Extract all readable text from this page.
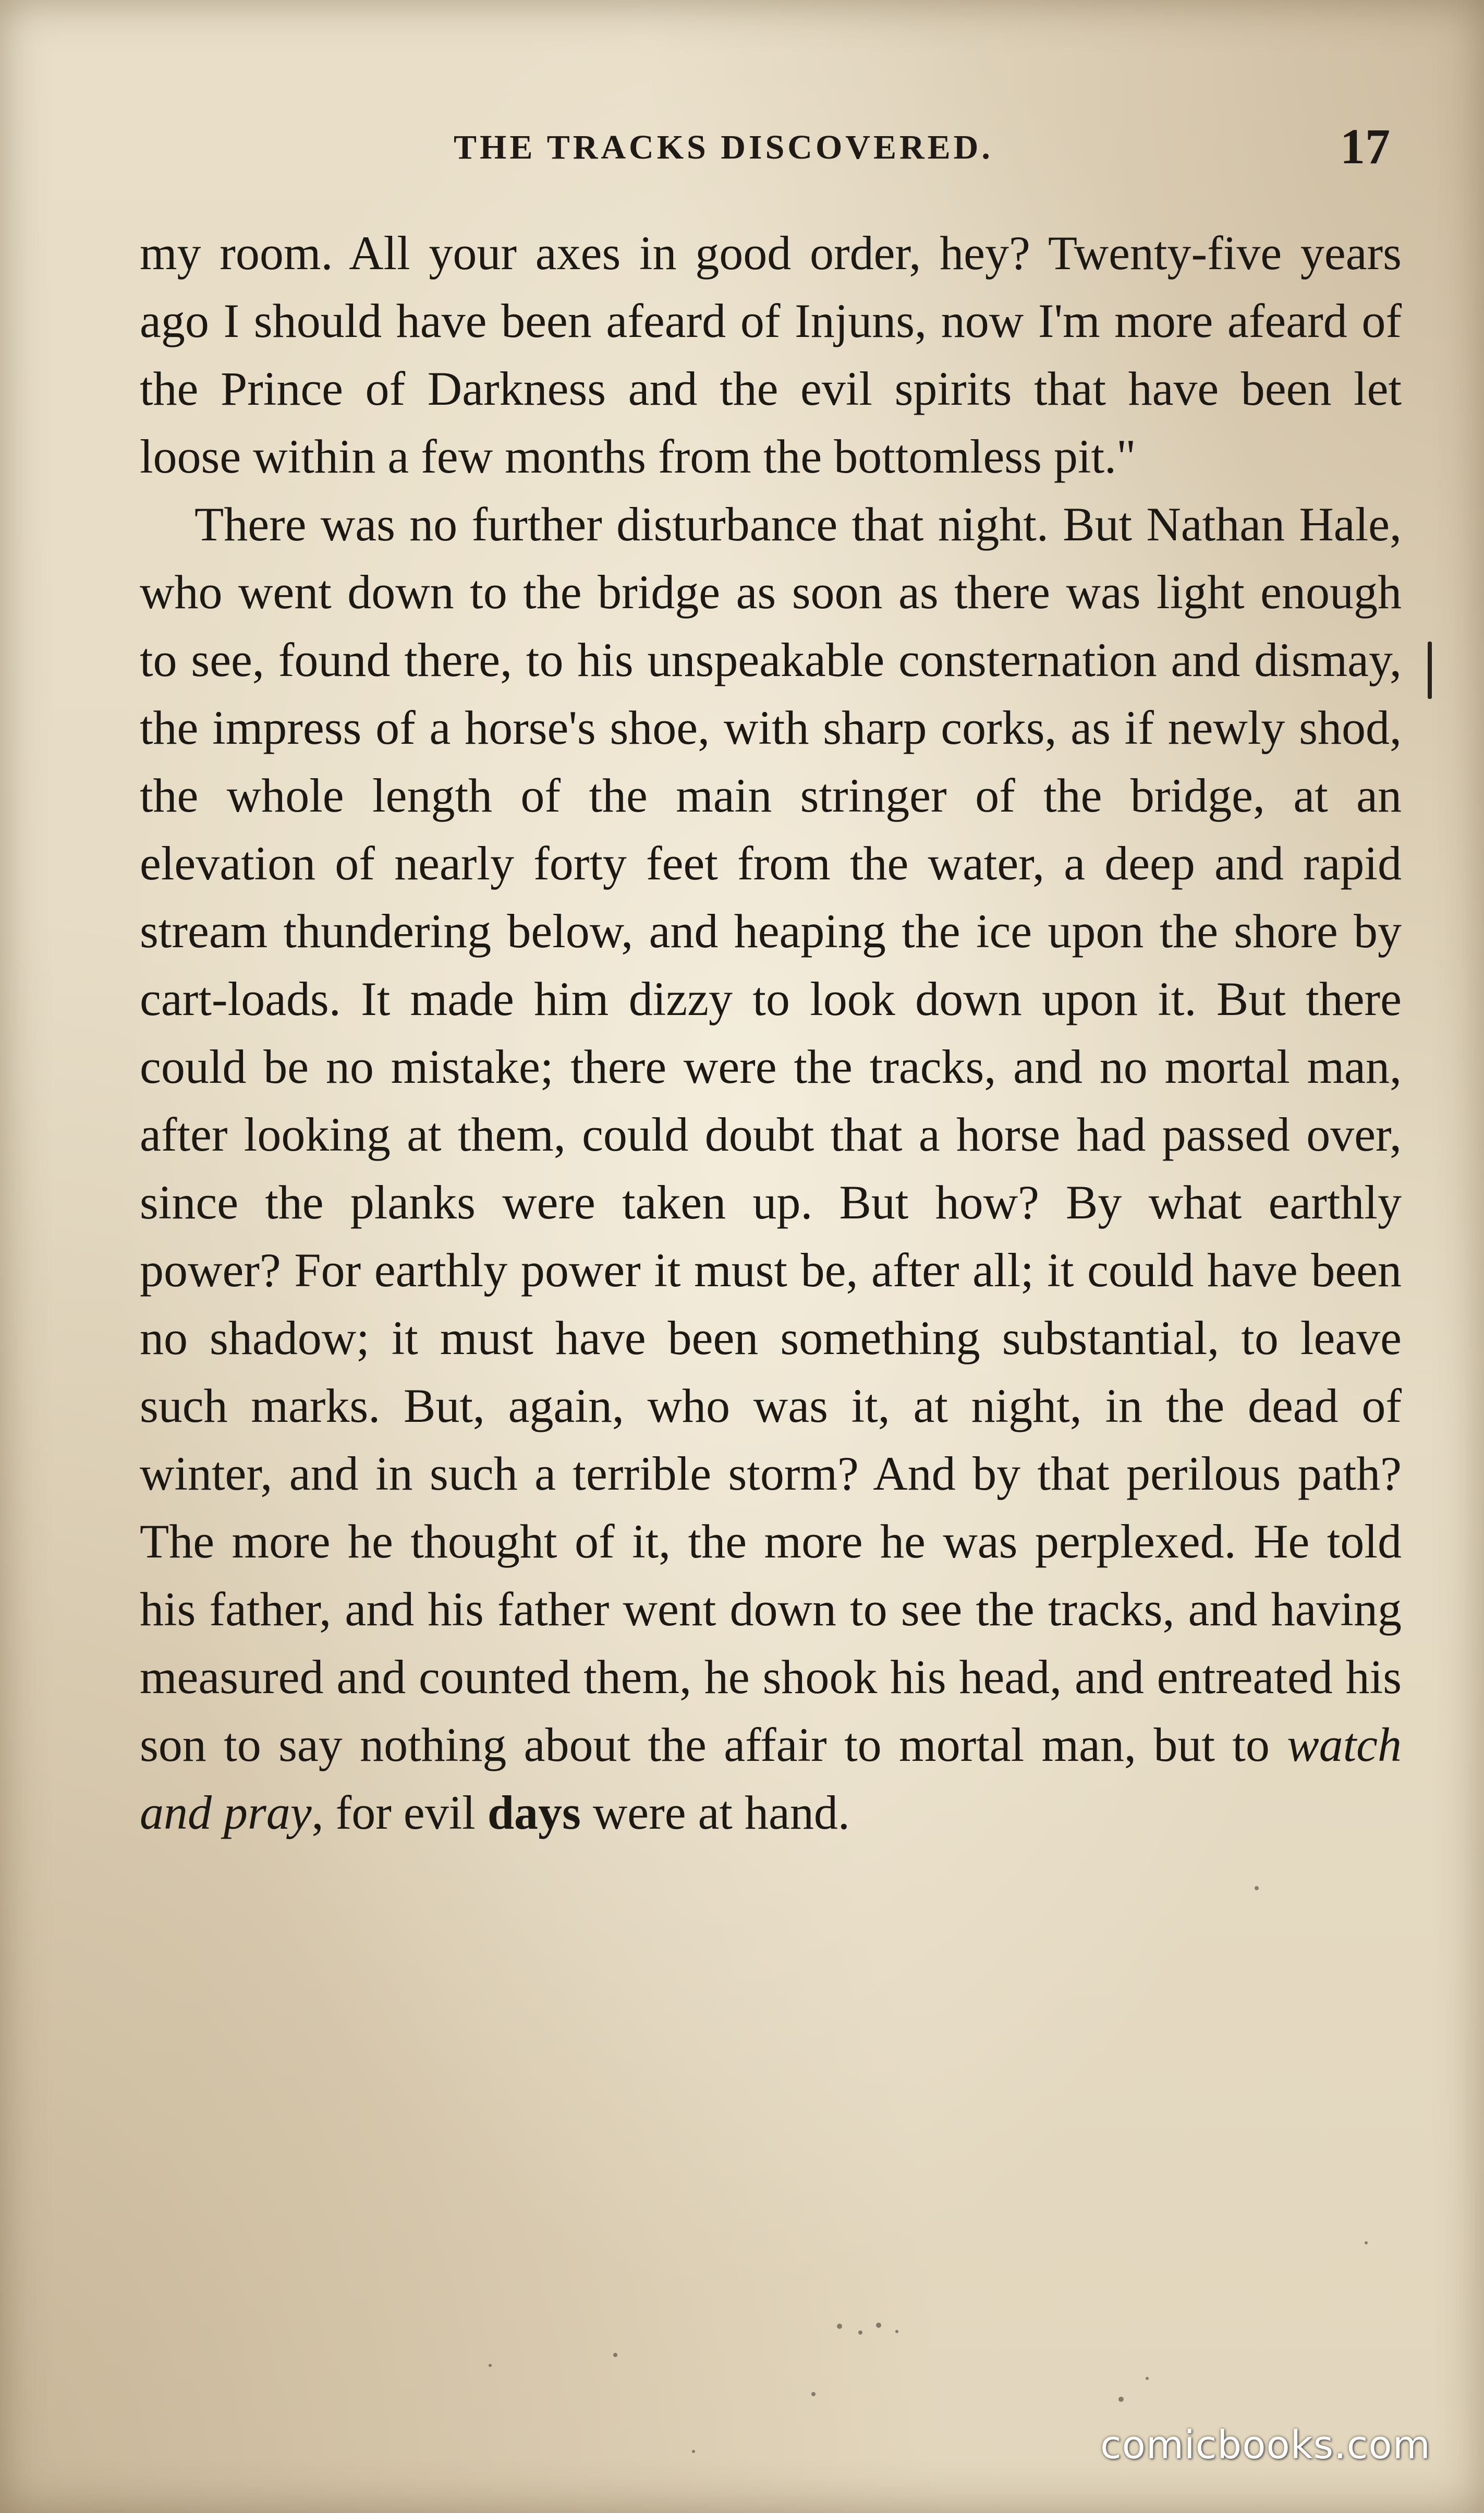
THE TRACKS DISCOVERED.	17

my room. All your axes in good order, hey? Twenty-five years ago I should have been afeard of Injuns, now I'm more afeard of the Prince of Darkness and the evil spirits that have been let loose within a few months from the bottomless pit."

There was no further disturbance that night. But Nathan Hale, who went down to the bridge as soon as there was light enough to see, found there, to his unspeakable consternation and dismay, the impress of a horse's shoe, with sharp corks, as if newly shod, the whole length of the main stringer of the bridge, at an elevation of nearly forty feet from the water, a deep and rapid stream thundering below, and heaping the ice upon the shore by cart-loads. It made him dizzy to look down upon it. But there could be no mistake; there were the tracks, and no mortal man, after looking at them, could doubt that a horse had passed over, since the planks were taken up. But how? By what earthly power? For earthly power it must be, after all; it could have been no shadow; it must have been something substantial, to leave such marks. But, again, who was it, at night, in the dead of winter, and in such a terrible storm? And by that perilous path? The more he thought of it, the more he was perplexed. He told his father, and his father went down to see the tracks, and having measured and counted them, he shook his head, and entreated his son to say nothing about the affair to mortal man, but to watch and pray, for evil days were at hand.

comicbooks.com
